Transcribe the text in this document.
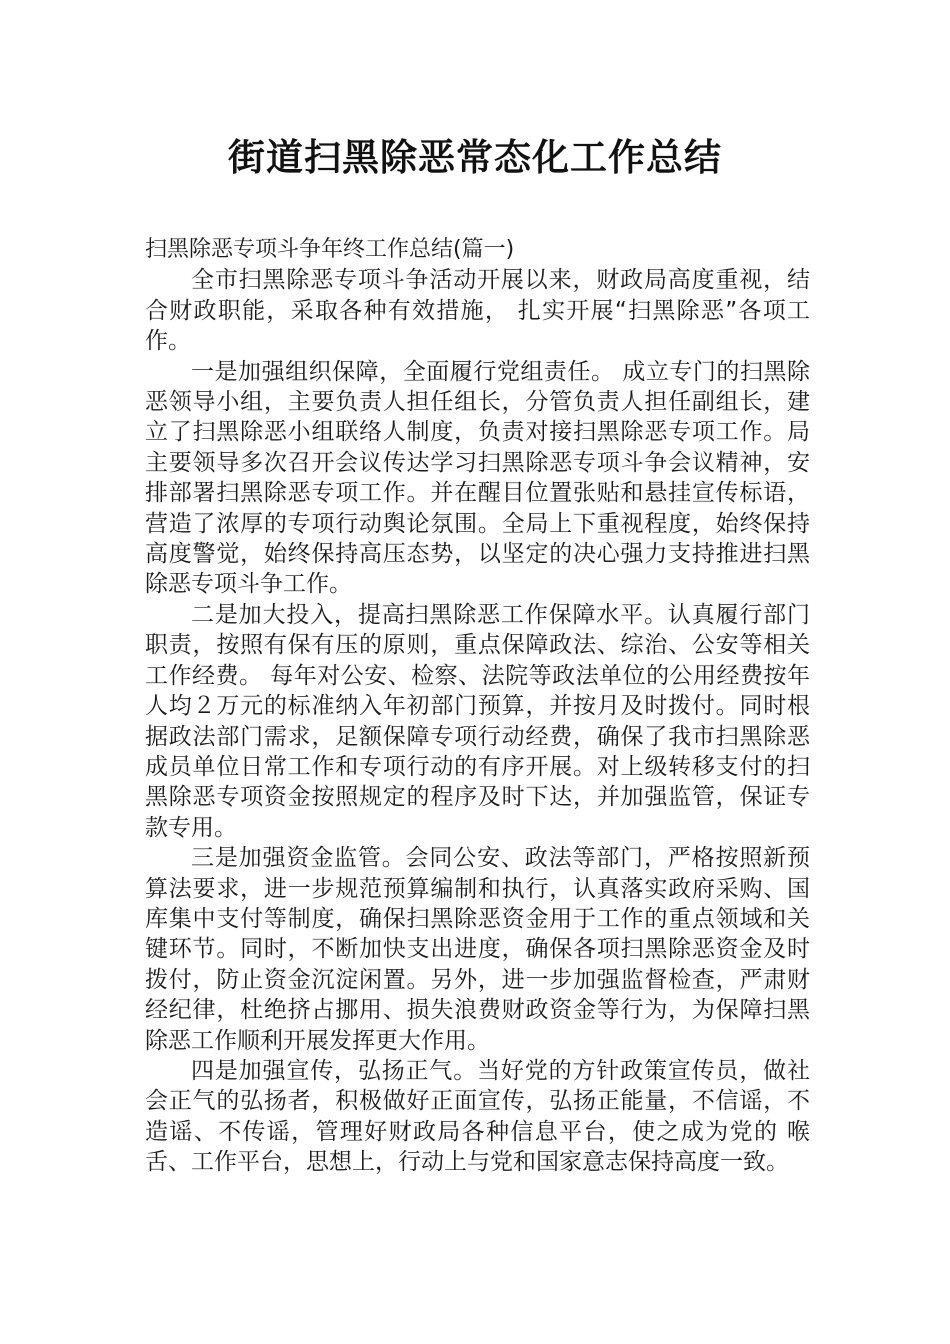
街道扫黑除恶常态化工作总结

扫黑除恶专项斗争年终工作总结(篇一)

全市扫黑除恶专项斗争活动开展以来，财政局高度重视，结合财政职能，采取各种有效措施， 扎实开展“扫黑除恶”各项工作。

一是加强组织保障，全面履行党组责任。 成立专门的扫黑除恶领导小组，主要负责人担任组长，分管负责人担任副组长，建立了扫黑除恶小组联络人制度，负责对接扫黑除恶专项工作。局主要领导多次召开会议传达学习扫黑除恶专项斗争会议精神，安排部署扫黑除恶专项工作。并在醒目位置张贴和悬挂宣传标语，营造了浓厚的专项行动舆论氛围。全局上下重视程度，始终保持高度警觉，始终保持高压态势，以坚定的决心强力支持推进扫黑除恶专项斗争工作。

二是加大投入，提高扫黑除恶工作保障水平。认真履行部门职责，按照有保有压的原则，重点保障政法、综治、公安等相关工作经费。 每年对公安、检察、法院等政法单位的公用经费按年人均２万元的标准纳入年初部门预算，并按月及时拨付。同时根据政法部门需求，足额保障专项行动经费，确保了我市扫黑除恶成员单位日常工作和专项行动的有序开展。对上级转移支付的扫黑除恶专项资金按照规定的程序及时下达，并加强监管，保证专款专用。

三是加强资金监管。会同公安、政法等部门，严格按照新预算法要求，进一步规范预算编制和执行，认真落实政府采购、国库集中支付等制度，确保扫黑除恶资金用于工作的重点领域和关键环节。同时，不断加快支出进度，确保各项扫黑除恶资金及时拨付，防止资金沉淀闲置。另外，进一步加强监督检查，严肃财经纪律，杜绝挤占挪用、损失浪费财政资金等行为，为保障扫黑除恶工作顺利开展发挥更大作用。

四是加强宣传，弘扬正气。当好党的方针政策宣传员，做社会正气的弘扬者，积极做好正面宣传，弘扬正能量，不信谣，不造谣、不传谣，管理好财政局各种信息平台，使之成为党的 喉舌、工作平台，思想上，行动上与党和国家意志保持高度一致。
